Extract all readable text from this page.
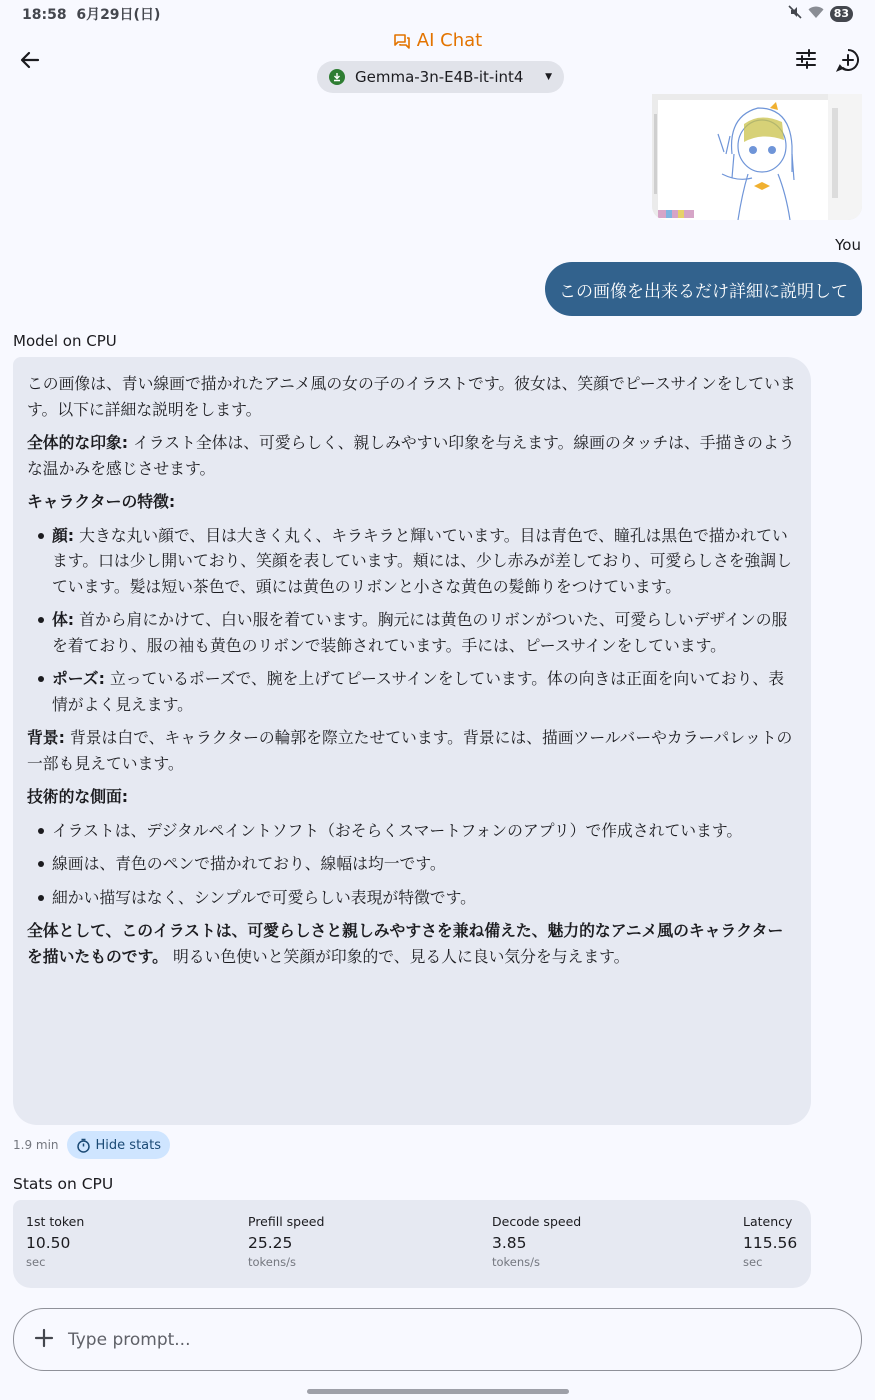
18:58 6月29日(日)	83
AI Chat
Gemma-3n-E4B-it-int4 ▼
You
この画像を出来るだけ詳細に説明して
Model on CPU

この画像は、青い線画で描かれたアニメ風の女の子のイラストです。彼女は、笑顔でピースサインをしています。以下に詳細な説明をします。

全体的な印象: イラスト全体は、可愛らしく、親しみやすい印象を与えます。線画のタッチは、手描きのような温かみを感じさせます。

キャラクターの特徴:

顔: 大きな丸い顔で、目は大きく丸く、キラキラと輝いています。目は青色で、瞳孔は黒色で描かれています。口は少し開いており、笑顔を表しています。頬には、少し赤みが差しており、可愛らしさを強調しています。髪は短い茶色で、頭には黄色のリボンと小さな黄色の髪飾りをつけています。
体: 首から肩にかけて、白い服を着ています。胸元には黄色のリボンがついた、可愛らしいデザインの服を着ており、服の袖も黄色のリボンで装飾されています。手には、ピースサインをしています。
ポーズ: 立っているポーズで、腕を上げてピースサインをしています。体の向きは正面を向いており、表情がよく見えます。

背景: 背景は白で、キャラクターの輪郭を際立たせています。背景には、描画ツールバーやカラーパレットの一部も見えています。

技術的な側面:

イラストは、デジタルペイントソフト（おそらくスマートフォンのアプリ）で作成されています。
線画は、青色のペンで描かれており、線幅は均一です。
細かい描写はなく、シンプルで可愛らしい表現が特徴です。

全体として、このイラストは、可愛らしさと親しみやすさを兼ね備えた、魅力的なアニメ風のキャラクターを描いたものです。 明るい色使いと笑顔が印象的で、見る人に良い気分を与えます。

1.9 min	Hide stats
Stats on CPU
1st token
10.50
sec
Prefill speed
25.25
tokens/s
Decode speed
3.85
tokens/s
Latency
115.56
sec
Type prompt...
